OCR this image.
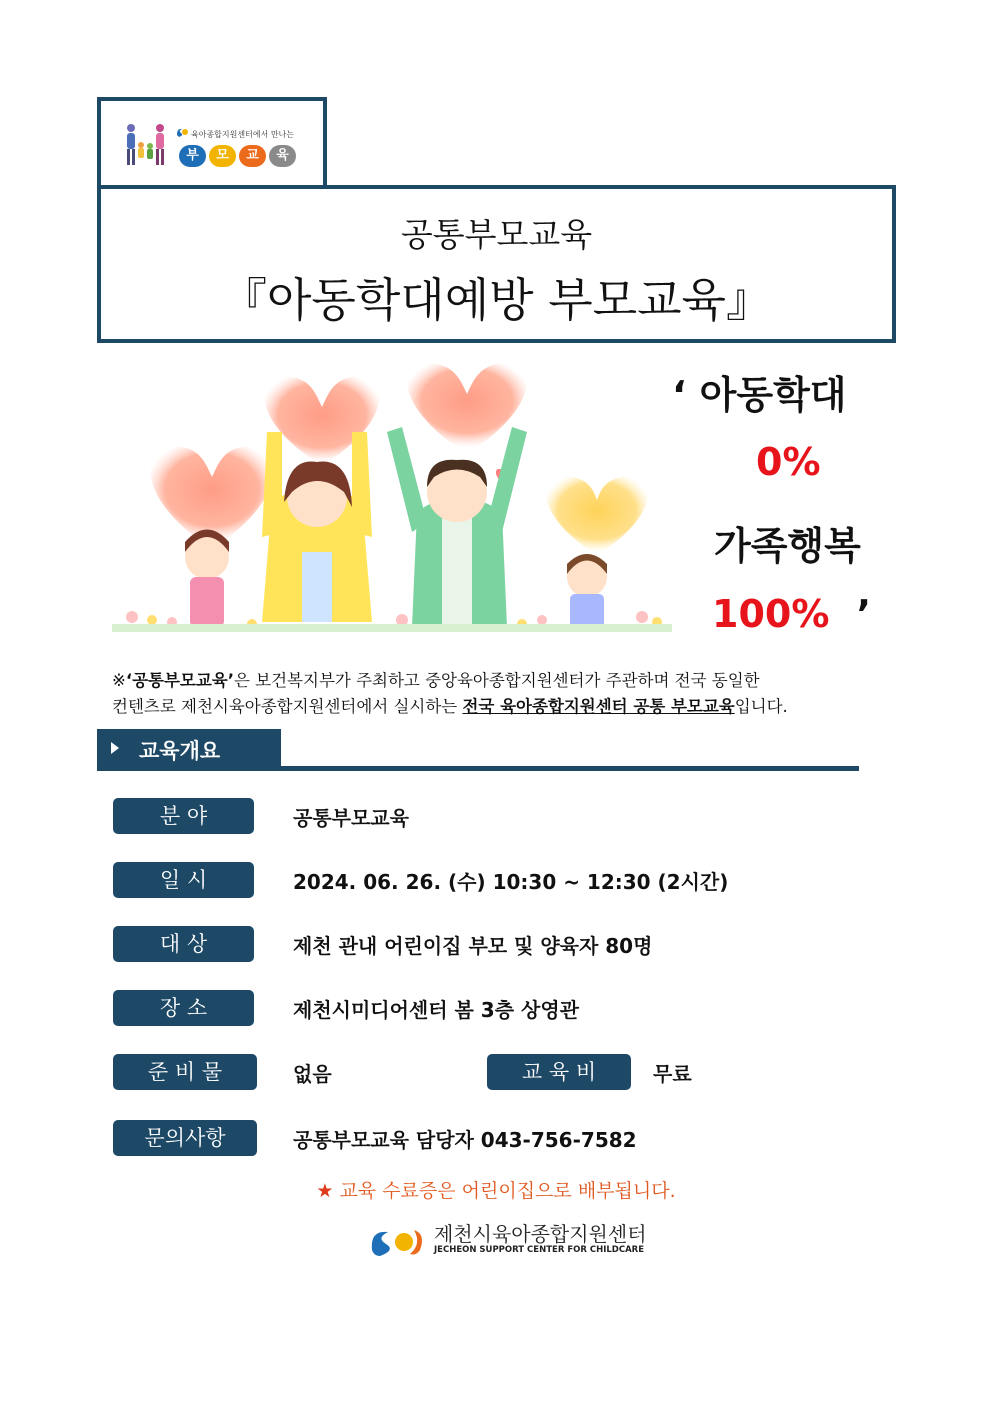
육아종합지원센터에서 만나는
부	모	교	육
공통부모교육
『아동학대예방 부모교육』
‘ 아동학대
0%
가족행복
100% ’
※‘공통부모교육’은 보건복지부가 주최하고 중앙육아종합지원센터가 주관하며 전국 동일한
컨텐츠로 제천시육아종합지원센터에서 실시하는 전국 육아종합지원센터 공통 부모교육입니다.
교육개요
분 야	공통부모교육
일 시	2024. 06. 26. (수) 10:30 ~ 12:30 (2시간)
대 상	제천 관내 어린이집 부모 및 양육자 80명
장 소	제천시미디어센터 봄 3층 상영관
준 비 물	없음	교 육 비	무료
문의사항	공통부모교육 담당자 043-756-7582
★ 교육 수료증은 어린이집으로 배부됩니다.
제천시육아종합지원센터
JECHEON SUPPORT CENTER FOR CHILDCARE
